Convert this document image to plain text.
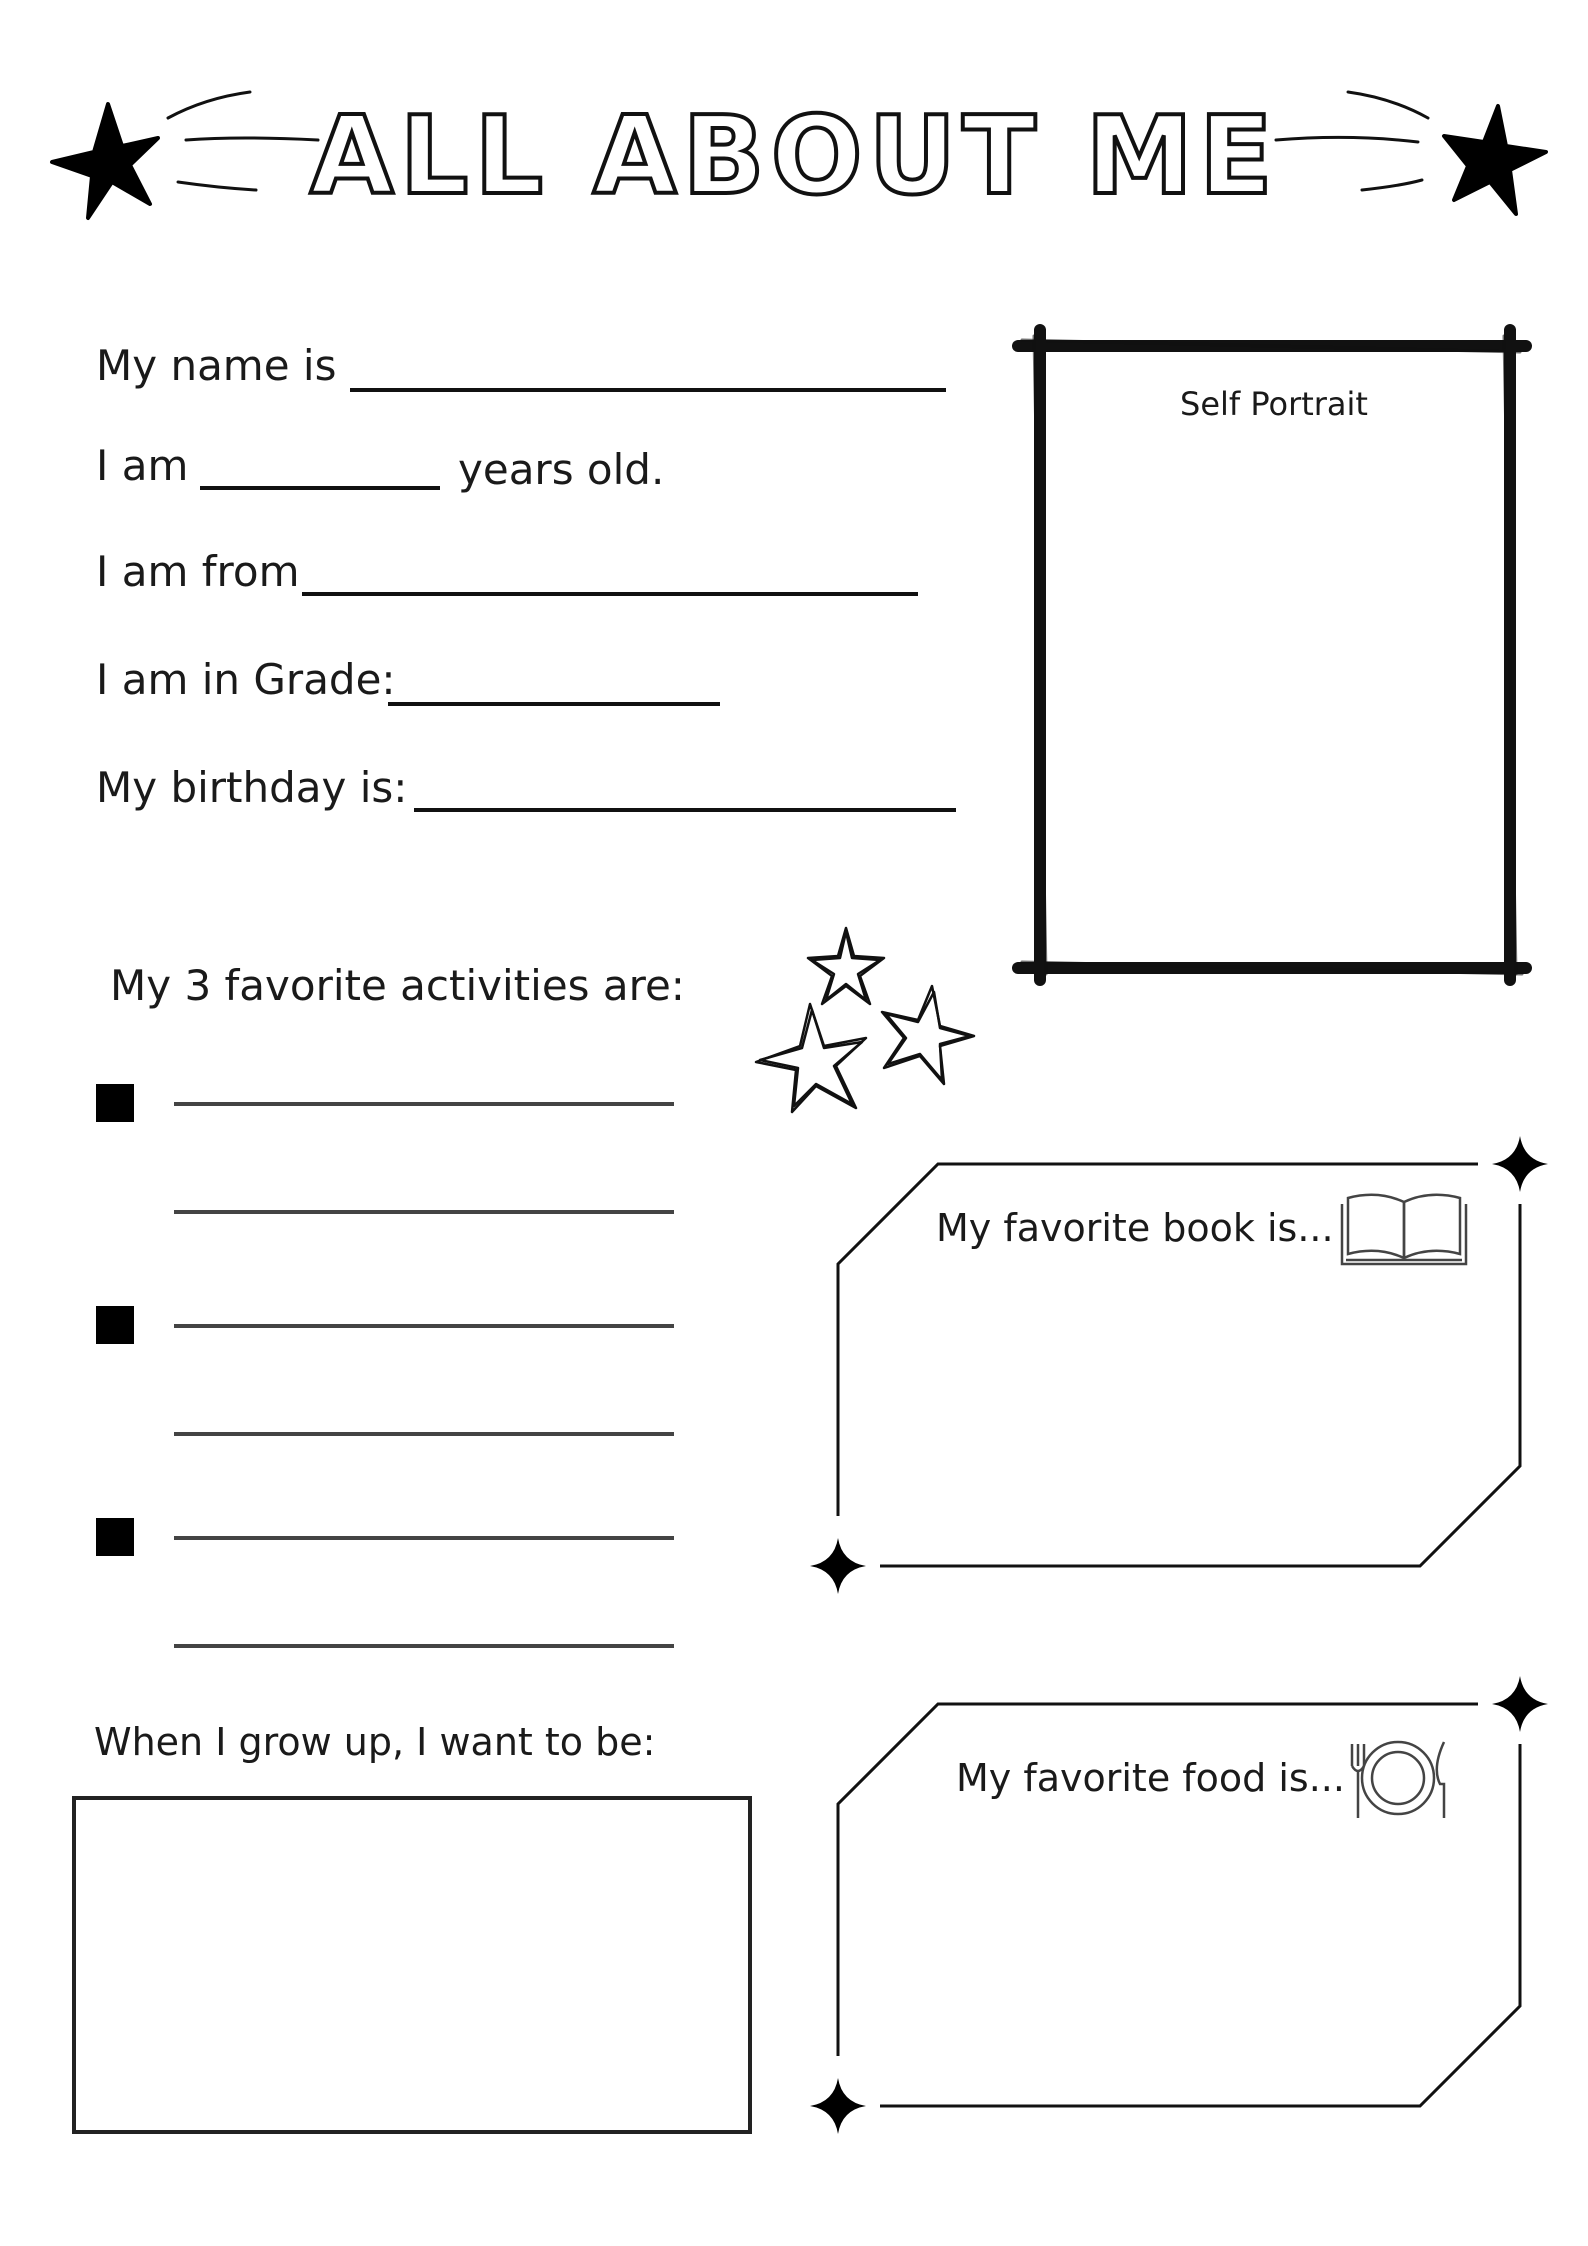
ALL ABOUT ME
My name is
I am	years old.
I am from
I am in Grade:
My birthday is:
Self Portrait
My 3 favorite activities are:
My favorite book is...
My favorite food is...
When I grow up, I want to be:
